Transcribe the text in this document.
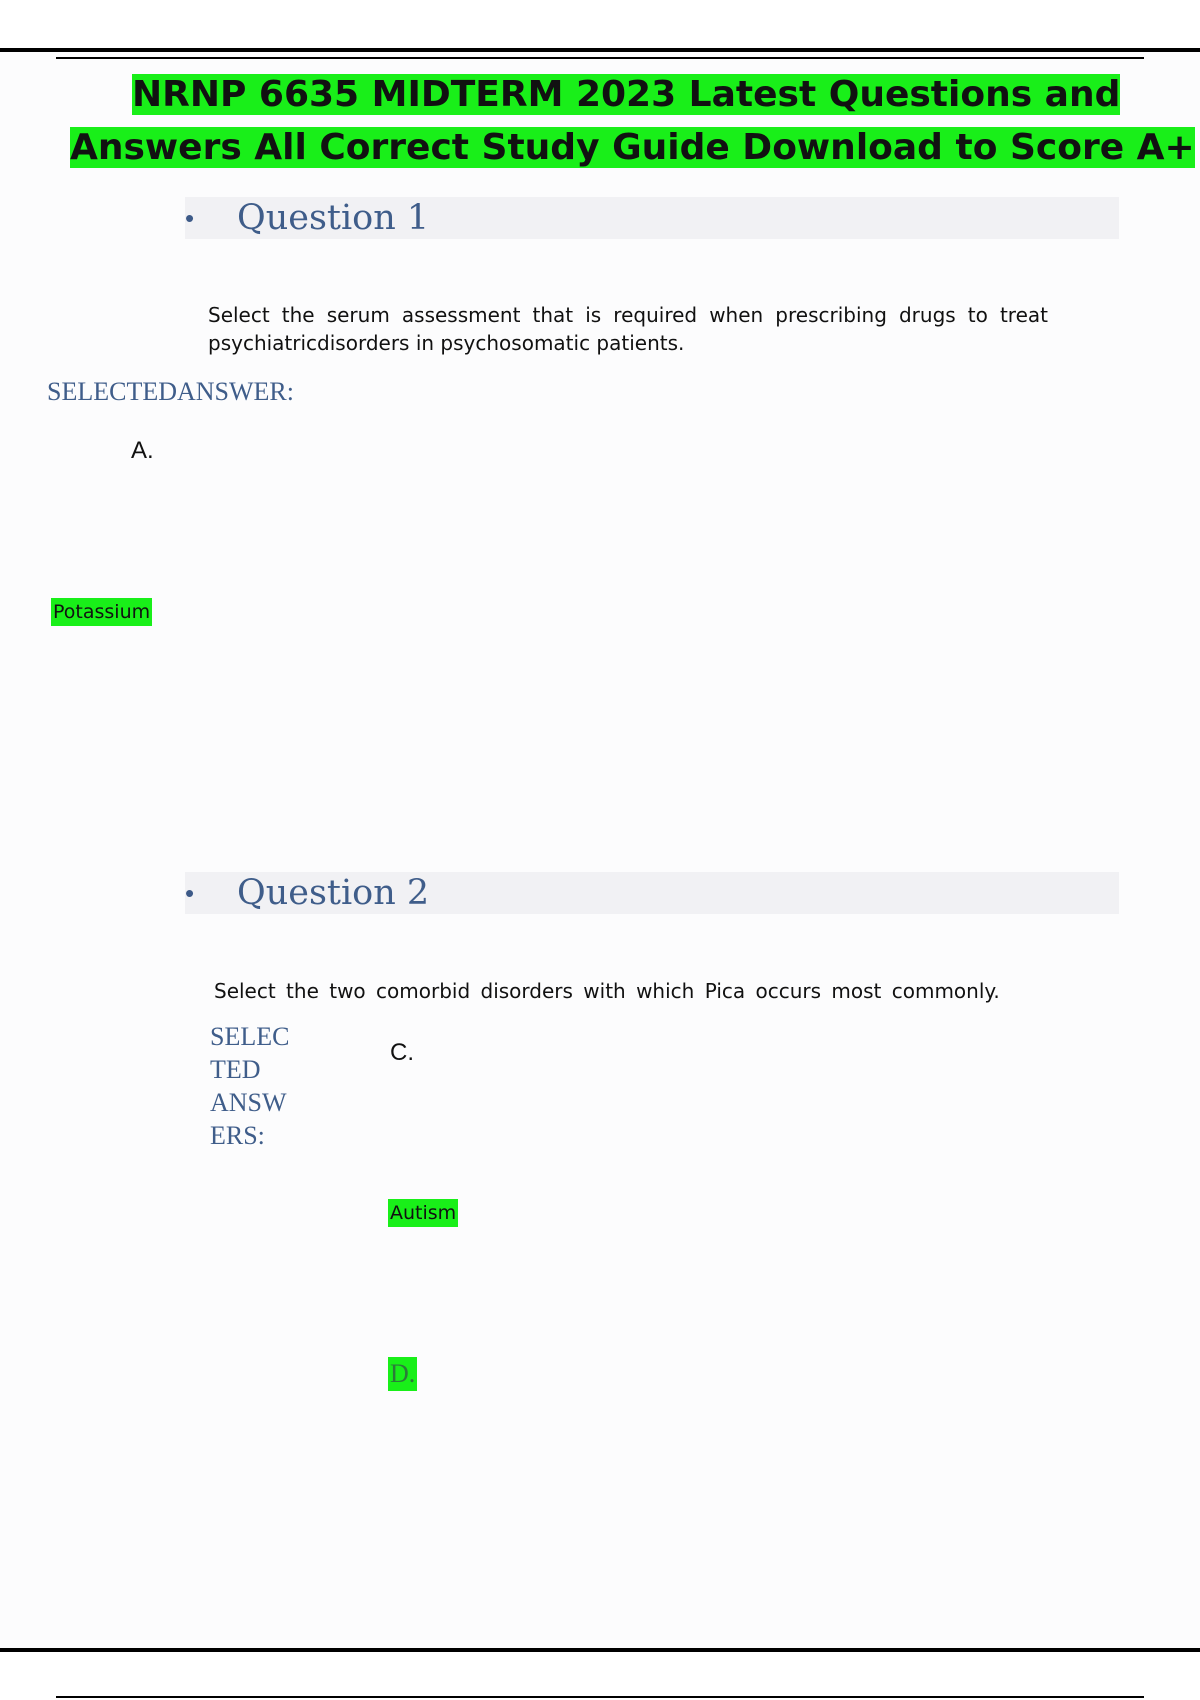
NRNP 6635 MIDTERM 2023 Latest Questions and
Answers All Correct Study Guide Download to Score A+
• Question 1
Select the serum assessment that is required when prescribing drugs to treat psychiatricdisorders in psychosomatic patients.
SELECTEDANSWER:
A.
Potassium
• Question 2
Select the two comorbid disorders with which Pica occurs most commonly.
SELEC
TED
ANSW
ERS:
C.
Autism
D.
